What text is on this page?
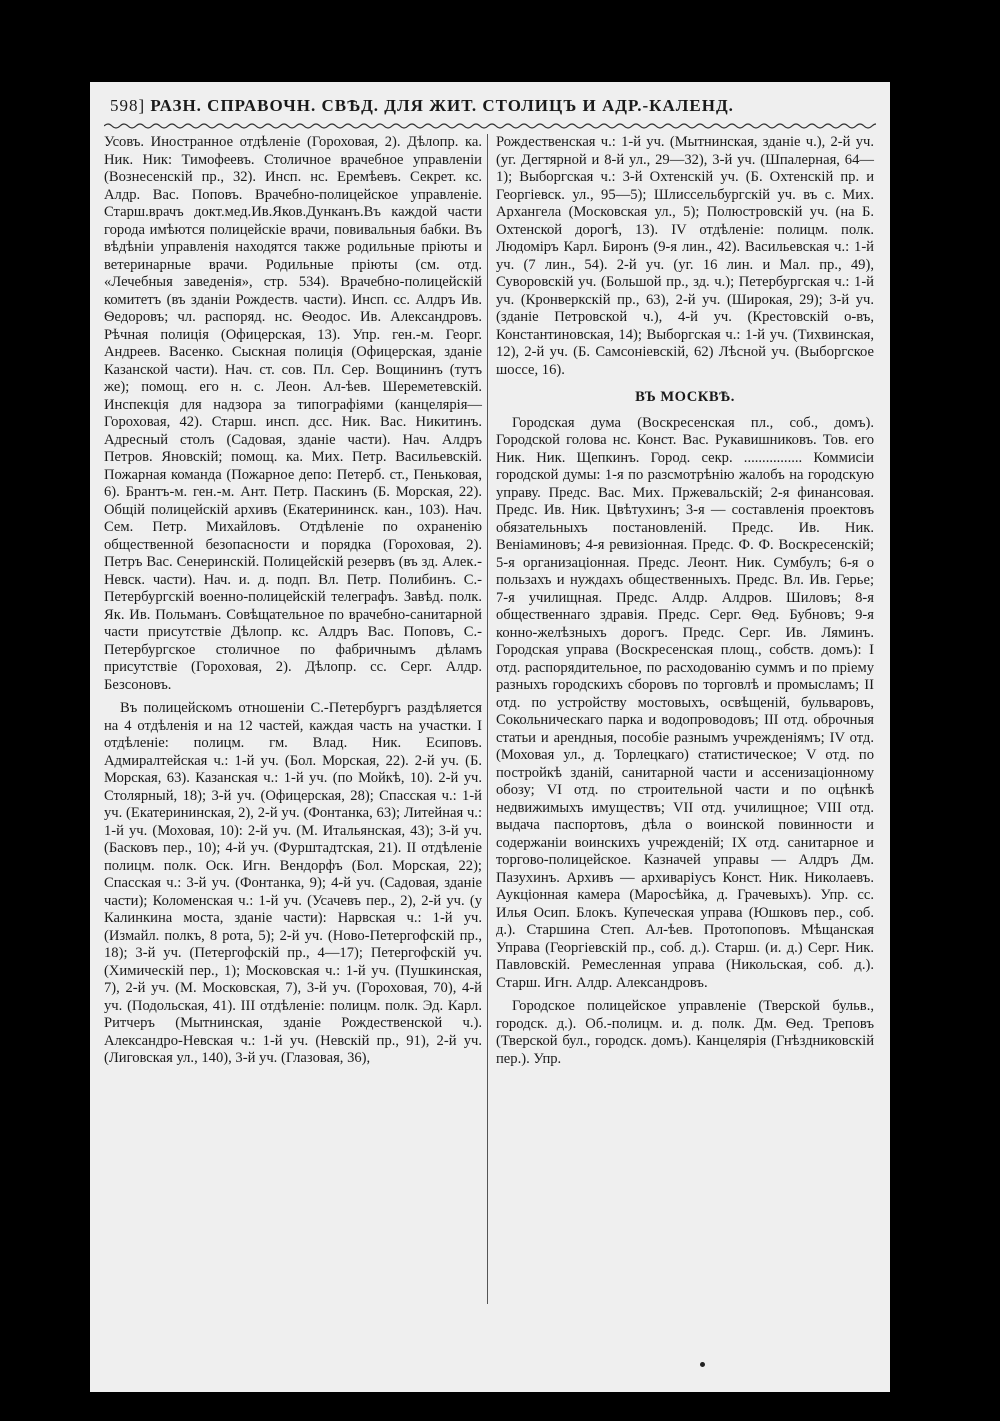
598] РАЗН. СПРАВОЧН. СВѢД. ДЛЯ ЖИТ. СТОЛИЦЪ И АДР.-КАЛЕНД.

Усовъ. Иностранное отдѣленіе (Гороховая, 2). Дѣлопр. ка. Ник. Ник: Тимофеевъ. Столичное врачебное управленіи (Вознесенскій пр., 32). Инсп. нс. Еремѣевъ. Секрет. кс. Алдр. Вас. Поповъ. Врачебно-полицейское управленіе. Старш.врачъ докт.мед.Ив.Яков.Дунканъ.Въ каждой части города имѣются полицейскіе врачи, повивальныя бабки. Въ вѣдѣніи управленія находятся также родильные пріюты и ветеринарные врачи. Родильные пріюты (см. отд. «Лечебныя заведенія», стр. 534). Врачебно-полицейскій комитетъ (въ зданіи Рождеств. части). Инсп. сс. Алдръ Ив. Ѳедоровъ; чл. распоряд. нс. Ѳеодос. Ив. Александровъ. Рѣчная полиція (Офицерская, 13). Упр. ген.-м. Георг. Андреев. Васенко. Сыскная полиція (Офицерская, зданіе Казанской части). Нач. ст. сов. Пл. Сер. Вощининъ (тутъ же); помощ. его н. с. Леон. Ал-ѣев. Шереметевскій. Инспекція для надзора за типографіями (канцелярія—Гороховая, 42). Старш. инсп. дсс. Ник. Вас. Никитинъ. Адресный столъ (Садовая, зданіе части). Нач. Алдръ Петров. Яновскій; помощ. ка. Мих. Петр. Васильевскій. Пожарная команда (Пожарное депо: Петерб. ст., Пеньковая, 6). Брантъ-м. ген.-м. Ант. Петр. Паскинъ (Б. Морская, 22). Общій полицейскій архивъ (Екатерининск. кан., 103). Нач. Сем. Петр. Михайловъ. Отдѣленіе по охраненію общественной безопасности и порядка (Гороховая, 2). Петръ Вас. Сенеринскій. Полицейскій резервъ (въ зд. Алек.-Невск. части). Нач. и. д. подп. Вл. Петр. Полибинъ. С.-Петербургскій военно-полицейскій телеграфъ. Завѣд. полк. Як. Ив. Польманъ. Совѣщательное по врачебно-санитарной части присутствіе Дѣлопр. кс. Алдръ Вас. Поповъ, С.-Петербургское столичное по фабричнымъ дѣламъ присутствіе (Гороховая, 2). Дѣлопр. сс. Серг. Алдр. Безсоновъ.

Въ полицейскомъ отношеніи С.-Петербургъ раздѣляется на 4 отдѣленія и на 12 частей, каждая часть на участки. I отдѣленіе: полицм. гм. Влад. Ник. Есиповъ. Адмиралтейская ч.: 1-й уч. (Бол. Морская, 22). 2-й уч. (Б. Морская, 63). Казанская ч.: 1-й уч. (по Мойкѣ, 10). 2-й уч. Столярный, 18); 3-й уч. (Офицерская, 28); Спасская ч.: 1-й уч. (Екатерининская, 2), 2-й уч. (Фонтанка, 63); Литейная ч.: 1-й уч. (Моховая, 10): 2-й уч. (М. Итальянская, 43); 3-й уч. (Басковъ пер., 10); 4-й уч. (Фурштадтская, 21). II отдѣленіе полицм. полк. Оск. Игн. Вендорфъ (Бол. Морская, 22); Спасская ч.: 3-й уч. (Фонтанка, 9); 4-й уч. (Садовая, зданіе части); Коломенская ч.: 1-й уч. (Усачевъ пер., 2), 2-й уч. (у Калинкина моста, зданіе части): Нарвская ч.: 1-й уч. (Измайл. полкъ, 8 рота, 5); 2-й уч. (Ново-Петергофскій пр., 18); 3-й уч. (Петергофскій пр., 4—17); Петергофскій уч. (Химическій пер., 1); Московская ч.: 1-й уч. (Пушкинская, 7), 2-й уч. (М. Московская, 7), 3-й уч. (Гороховая, 70), 4-й уч. (Подольская, 41). III отдѣленіе: полицм. полк. Эд. Карл. Ритчеръ (Мытнинская, зданіе Рождественской ч.). Александро-Невская ч.: 1-й уч. (Невскій пр., 91), 2-й уч. (Лиговская ул., 140), 3-й уч. (Глазовая, 36),

Рождественская ч.: 1-й уч. (Мытнинская, зданіе ч.), 2-й уч. (уг. Дегтярной и 8-й ул., 29—32), 3-й уч. (Шпалерная, 64—1); Выборгская ч.: 3-й Охтенскій уч. (Б. Охтенскій пр. и Георгіевск. ул., 95—5); Шлиссельбургскій уч. въ с. Мих. Архангела (Московская ул., 5); Полюстровскій уч. (на Б. Охтенской дорогѣ, 13). IV отдѣленіе: полицм. полк. Людоміръ Карл. Биронъ (9-я лин., 42). Васильевская ч.: 1-й уч. (7 лин., 54). 2-й уч. (уг. 16 лин. и Мал. пр., 49), Суворовскій уч. (Большой пр., зд. ч.); Петербургская ч.: 1-й уч. (Кронверкскій пр., 63), 2-й уч. (Широкая, 29); 3-й уч. (зданіе Петровской ч.), 4-й уч. (Крестовскій о-въ, Константиновская, 14); Выборгская ч.: 1-й уч. (Тихвинская, 12), 2-й уч. (Б. Самсоніевскій, 62) Лѣсной уч. (Выборгское шоссе, 16).

ВЪ МОСКВѢ.

Городская дума (Воскресенская пл., соб., домъ). Городской голова нс. Конст. Вас. Рукавишниковъ. Тов. его Ник. Ник. Щепкинъ. Город. секр. ................ Коммисіи городской думы: 1-я по разсмотрѣнію жалобъ на городскую управу. Предс. Вас. Мих. Пржевальскій; 2-я финансовая. Предс. Ив. Ник. Цвѣтухинъ; 3-я — составленія проектовъ обязательныхъ постановленій. Предс. Ив. Ник. Веніаминовъ; 4-я ревизіонная. Предс. Ф. Ф. Воскресенскій; 5-я организаціонная. Предс. Леонт. Ник. Сумбулъ; 6-я о пользахъ и нуждахъ общественныхъ. Предс. Вл. Ив. Герье; 7-я училищная. Предс. Алдр. Алдров. Шиловъ; 8-я общественнаго здравія. Предс. Серг. Ѳед. Бубновъ; 9-я конно-желѣзныхъ дорогъ. Предс. Серг. Ив. Ляминъ. Городская управа (Воскресенская площ., собств. домъ): I отд. распорядительное, по расходованію суммъ и по пріему разныхъ городскихъ сборовъ по торговлѣ и промысламъ; II отд. по устройству мостовыхъ, освѣщеній, бульваровъ, Сокольническаго парка и водопроводовъ; III отд. оброчныя статьи и арендныя, пособіе разнымъ учрежденіямъ; IV отд. (Моховая ул., д. Торлецкаго) статистическое; V отд. по постройкѣ зданій, санитарной части и ассенизаціонному обозу; VI отд. по строительной части и по оцѣнкѣ недвижимыхъ имуществъ; VII отд. училищное; VIII отд. выдача паспортовъ, дѣла о воинской повинности и содержаніи воинскихъ учрежденій; IX отд. санитарное и торгово-полицейское. Казначей управы — Алдръ Дм. Пазухинъ. Архивъ — архиваріусъ Конст. Ник. Николаевъ. Аукціонная камера (Маросѣйка, д. Грачевыхъ). Упр. сс. Илья Осип. Блокъ. Купеческая управа (Юшковъ пер., соб. д.). Старшина Степ. Ал-ѣев. Протопоповъ. Мѣщанская Управа (Георгіевскій пр., соб. д.). Старш. (и. д.) Серг. Ник. Павловскій. Ремесленная управа (Никольская, соб. д.). Старш. Игн. Алдр. Александровъ.

Городское полицейское управленіе (Тверской бульв., городск. д.). Об.-полицм. и. д. полк. Дм. Ѳед. Треповъ (Тверской бул., городск. домъ). Канцелярія (Гнѣздниковскій пер.). Упр.
